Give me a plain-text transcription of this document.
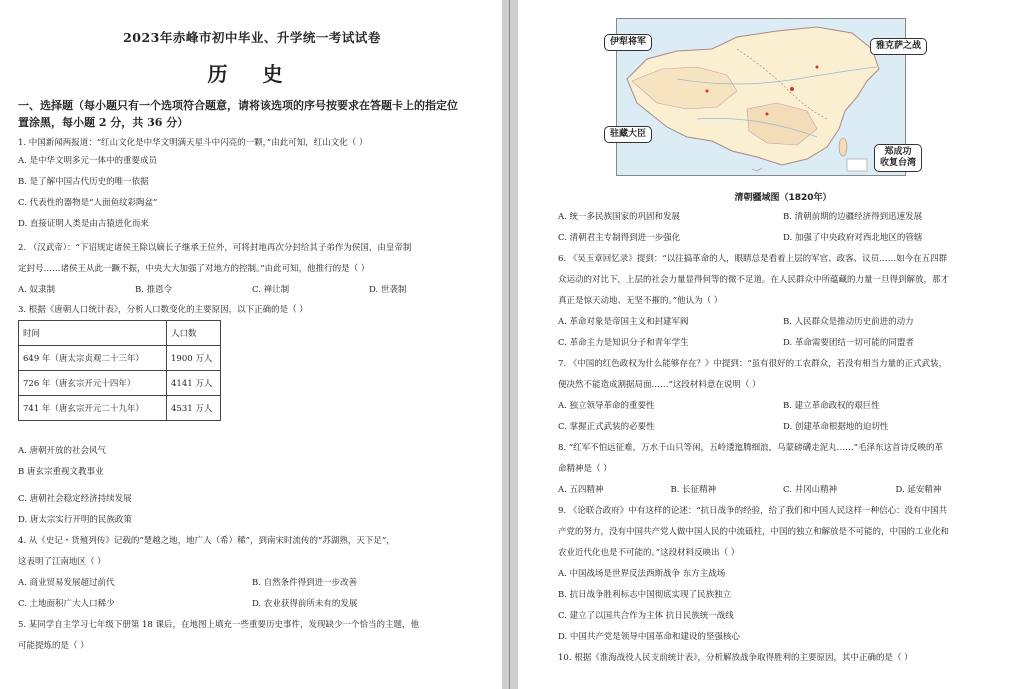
2023年赤峰市初中毕业、升学统一考试试卷
历 史
一、选择题（每小题只有一个选项符合题意，请将该选项的序号按要求在答题卡上的指定位
置涂黑，每小题 2 分，共 36 分）
1. 中国新闻两报道：“红山文化是中华文明满天星斗中闪亮的一颗，”由此可知，红山文化（ ）
A. 是中华文明多元一体中的重要成员
B. 是了解中国古代历史的唯一依据
C. 代表性的器物是“人面鱼纹彩陶盆”
D. 直接证明人类是由古猿进化而来
2. （汉武帝）：“下诏规定诸侯王除以嫡长子继承王位外，可将封地再次分封给其子弟作为侯国，由皇帝制
定封号……诸侯王从此一蹶不振，中央大大加强了对地方的控制。”由此可知，他推行的是（ ）
A. 奴隶制	B. 推恩令	C. 禅让制	D. 世袭制
3. 根据《唐朝人口统计表》，分析人口数变化的主要原因，以下正确的是（ ）
时间	人口数
649 年（唐太宗贞观二十三年）	1900 万人
726 年（唐玄宗开元十四年）	4141 万人
741 年（唐玄宗开元二十九年）	4531 万人
A. 唐朝开放的社会风气
B 唐玄宗重视文教事业
C. 唐朝社会稳定经济持续发展
D. 唐太宗实行开明的民族政策
4. 从《史记・货殖列传》记载的“楚越之地，地广人（希）稀”，到南宋时流传的“苏湖熟，天下足”，
这表明了江南地区（ ）
A. 商业贸易发展超过前代	B. 自然条件得到进一步改善
C. 土地面积广大人口稀少	D. 农业获得前所未有的发展
5. 某同学自主学习七年级下册第 18 课后，在地图上填充一些重要历史事件，发现缺少一个恰当的主题，他
可能提炼的是（ ）
伊犁将军	雅克萨之战
驻藏大臣
郑成功
收复台湾
清朝疆域图（1820年）
A. 统一多民族国家的巩固和发展	B. 清朝前期的边疆经济得到迅速发展
C. 清朝君主专制得到进一步强化	D. 加强了中央政府对西北地区的管辖
6. 《吴玉章回忆录》提到：“以往搞革命的人，眼睛总是看着上层的军官、政客、议员……如今在五四群
众运动的对比下，上层的社会力量显得何等的微不足道。在人民群众中所蕴藏的力量一旦得到解放，那才
真正是惊天动地、无坚不摧的。”他认为（ ）
A. 革命对象是帝国主义和封建军阀	B. 人民群众是推动历史前进的动力
C. 革命主力是知识分子和青年学生	D. 革命需要团结一切可能的同盟者
7. 《中国的红色政权为什么能够存在？》中提到：“虽有很好的工农群众，若没有相当力量的正式武装，
便决然不能造成割据局面……”这段材料意在说明（ ）
A. 独立领导革命的重要性	B. 建立革命政权的艰巨性
C. 掌握正式武装的必要性	D. 创建革命根据地的迫切性
8. “红军不怕远征难，万水千山只等闲，五岭逶迤腾细浪，乌蒙磅礴走泥丸……”毛泽东这首诗反映的革
命精神是（ ）
A. 五四精神	B. 长征精神	C. 井冈山精神	D. 延安精神
9. 《论联合政府》中有这样的论述：“抗日战争的经验，给了我们和中国人民这样一种信心：没有中国共
产党的努力，没有中国共产党人做中国人民的中流砥柱，中国的独立和解放是不可能的，中国的工业化和
农业近代化也是不可能的。”这段材料反映出（ ）
A. 中国战场是世界反法西斯战争 东方主战场
B. 抗日战争胜利标志中国彻底实现了民族独立
C. 建立了以国共合作为主体 抗日民族统一战线
D. 中国共产党是领导中国革命和建设的坚强核心
10. 根据《淮海战役人民支前统计表》，分析解放战争取得胜利的主要原因，其中正确的是（ ）
